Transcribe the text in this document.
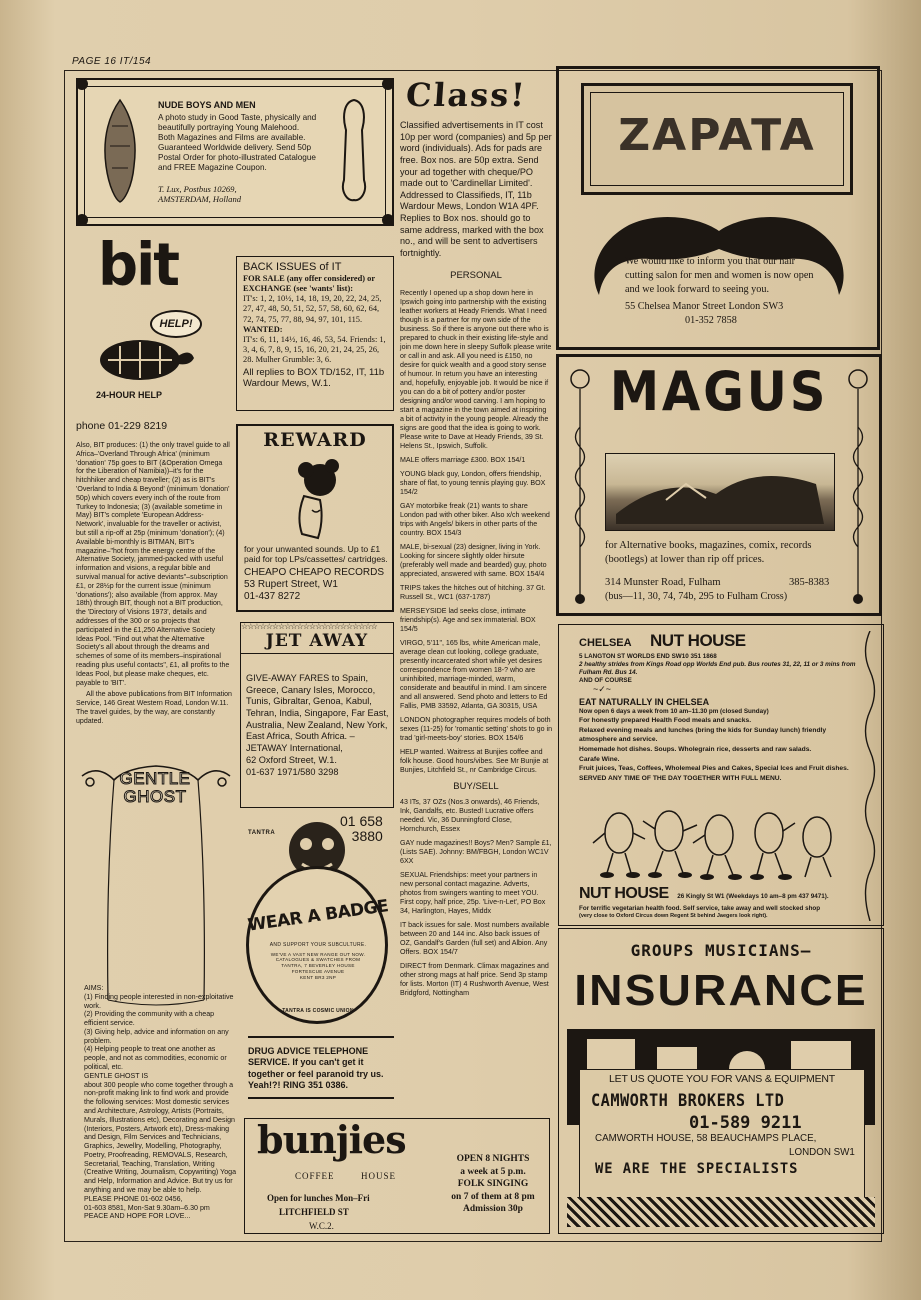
PAGE 16 IT/154
NUDE BOYS AND MEN
A photo study in Good Taste, physically and beautifully portraying Young Malehood. Both Magazines and Films are available. Guaranteed Worldwide delivery. Send 50p Postal Order for photo-illustrated Catalogue and FREE Magazine Coupon.
T. Lux, Postbus 10269,
AMSTERDAM, Holland
Class!
Classified advertisements in IT cost 10p per word (companies) and 5p per word (individuals). Ads for pads are free. Box nos. are 50p extra. Send your ad together with cheque/PO made out to 'Cardinellar Limited'. Addressed to Classifieds, IT, 11b Wardour Mews, London W1A 4PF. Replies to Box nos. should go to same address, marked with the box no., and will be sent to advertisers fortnightly.
PERSONAL
Recently I opened up a shop down here in Ipswich going into partnership with the existing leather workers at Heady Friends. What I need though is a partner for my own side of the business. So if there is anyone out there who is prepared to chuck in their existing life-style and join me down here in sleepy Suffolk please write or call in and ask. All you need is £150, no desire for quick wealth and a good story sense of humour. In return you have an interesting and, hopefully, enjoyable job. It would be nice if you can do a bit of pottery and/or poster designing and/or wood carving. I am hoping to start a magazine in the town aimed at inspiring a bit of activity in the young people. Already the signs are good that the idea is going to work. Please write to Dave at Heady Friends, 39 St. Helens St., Ipswich, Suffolk.
MALE offers marriage £300. BOX 154/1
YOUNG black guy, London, offers friendship, share of flat, to young tennis playing guy. BOX 154/2
GAY motorbike freak (21) wants to share London pad with other biker. Also x/ch weekend trips with Angels/ bikers in other parts of the country. BOX 154/3
MALE, bi-sexual (23) designer, living in York. Looking for sincere slightly older hirsute (preferably well made and bearded) guy, photo appreciated, answered with same. BOX 154/4
TRIPS takes the hitches out of hitching. 37 Gt. Russell St., WC1 (637-1787)
MERSEYSIDE lad seeks close, intimate friendship(s). Age and sex immaterial. BOX 154/5
VIRGO, 5'11", 165 lbs, white American male, average clean cut looking, college graduate, presently incarcerated short while yet desires correspondence from women 18-? who are uninhibited, marriage-minded, warm, considerate and beautiful in mind. I am sincere and all answered. Send photo and letters to Ed Fallis, PMB 33592, Atlanta, GA 30315, USA
LONDON photographer requires models of both sexes (11-25) for 'romantic setting' shots to go in trad 'girl-meets-boy' stories. BOX 154/6
HELP wanted. Waitress at Bunjies coffee and folk house. Good hours/vibes. See Mr Bunjie at Bunjies, Litchfield St., nr Cambridge Circus.
BUY/SELL
43 ITs, 37 OZs (Nos.3 onwards), 46 Friends, Ink, Gandalfs, etc. Busted! Lucrative offers needed. Vic, 36 Dunningford Close, Hornchurch, Essex
GAY nude magazines!! Boys? Men? Sample £1, (Lists SAE). Johnny: BM/FBGH, London WC1V 6XX
SEXUAL Friendships: meet your partners in new personal contact magazine. Adverts, photos from swingers wanting to meet YOU. First copy, half price, 25p. 'Live-n-Let', PO Box 34, Harlington, Hayes, Middx
IT back issues for sale. Most numbers available between 20 and 144 inc. Also back issues of OZ, Gandalf's Garden (full set) and Albion. Any Offers. BOX 154/7
DIRECT from Denmark. Climax magazines and other strong mags at half price. Send 3p stamp for lists. Morton (IT) 4 Rushworth Avenue, West Bridgford, Nottingham
bit
HELP!
24-HOUR HELP
phone 01-229 8219
Also, BIT produces: (1) the only travel guide to all Africa–'Overland Through Africa' (minimum 'donation' 75p goes to BIT (&Operation Omega for the Liberation of Namibia))–it's for the hitchhiker and cheap traveller; (2) as is BIT's 'Overland to India & Beyond' (minimum 'donation' 50p) which covers every inch of the route from Turkey to Indonesia; (3) (available sometime in May) BIT's complete 'European Address-Network', invaluable for the traveller or activist, but still a rip-off at 25p (minimum 'donation'); (4) Available bi-monthly is BITMAN, BIT's magazine–"hot from the energy centre of the Alternative Society, jammed-packed with useful information and visions, a regular bible and survival manual for active deviants"–subscription £1, or 28½p for the current issue (minimum 'donations'); also available (from approx. May 18th) through BIT, though not a BIT production, the 'Directory of Visions 1973', details and addresses of the 300 or so projects that participated in the £1,250 Alternative Society Ideas Pool. "Find out what the Alternative Society's all about through the dreams and schemes of some of its members–inspirational reading plus useful contacts", £1, all profits to the Ideas Pool, but please make cheques, etc. payable to 'BIT'.
All the above publications from BIT Information Service, 146 Great Western Road, London W.11. The travel guides, by the way, are constantly updated.
BACK ISSUES of IT
FOR SALE (any offer considered) or EXCHANGE (see 'wants' list):
IT's: 1, 2, 10½, 14, 18, 19, 20, 22, 24, 25, 27, 47, 48, 50, 51, 52, 57, 58, 60, 62, 64, 72, 74, 75, 77, 88, 94, 97, 101, 115.
WANTED:
IT's: 6, 11, 14½, 16, 46, 53, 54. Friends: 1, 3, 4, 6, 7, 8, 9, 15, 16, 20, 21, 24, 25, 26, 28. Mulher Grumble: 3, 6.
All replies to BOX TD/152, IT, 11b Wardour Mews, W.1.
REWARD
for your unwanted sounds. Up to £1 paid for top LPs/cassettes/ cartridges.
CHEAPO CHEAPO RECORDS
53 Rupert Street, W1
01-437 8272
☆☆☆☆☆☆☆☆☆☆☆☆☆☆☆☆☆☆☆☆☆☆
JET AWAY
GIVE-AWAY FARES to Spain, Greece, Canary Isles, Morocco, Tunis, Gibraltar, Genoa, Kabul, Tehran, India, Singapore, Far East, Australia, New Zealand, New York, East Africa, South Africa. –
JETAWAY International,
62 Oxford Street, W.1.
01-637 1971/580 3298
GENTLE
GHOST
AIMS:
(1) Finding people interested in non-exploitative work.
(2) Providing the community with a cheap efficient service.
(3) Giving help, advice and information on any problem.
(4) Helping people to treat one another as people, and not as commodities, economic or political, etc.
GENTLE GHOST IS
about 300 people who come together through a non-profit making link to find work and provide the following services: Most domestic services and Architecture, Astrology, Artists (Portraits, Murals, Illustrations etc), Decorating and Design (Interiors, Posters, Artwork etc), Dress-making and Design, Film Services and Technicians, Graphics, Jewellry, Modelling, Photography, Poetry, Proofreading, REMOVALS, Research, Secretarial, Teaching, Translation, Writing (Creative Writing, Journalism, Copywriting) Yoga and Help, Information and Advice. But try us for anything and we may be able to help.
PLEASE PHONE 01-602 0456,
01-603 8581, Mon-Sat 9.30am–6.30 pm
PEACE AND HOPE FOR LOVE...
TANTRA
01 658
3880
WEAR A BADGE
AND SUPPORT YOUR SUBCULTURE.
WE'VE A VAST NEW RANGE OUT NOW.
CATALOGUES & SWATCHES FROM
TANTRA, 7 BEVERLEY HOUSE
FORTESCUE AVENUE
KENT BR3 2NP
TANTRA IS COSMIC UNION
DRUG ADVICE TELEPHONE SERVICE. If you can't get it together or feel paranoid try us. Yeah!?! RING 351 0386.
bunjies
COFFEE	HOUSE
Open for lunches Mon–Fri
LITCHFIELD ST
W.C.2.
OPEN 8 NIGHTS
a week at 5 p.m.
FOLK SINGING
on 7 of them at 8 pm
Admission 30p
ZAPATA
We would like to inform you that our hair cutting salon for men and women is now open and we look forward to seeing you.
55 Chelsea Manor Street London SW3
01-352 7858
MAGUS
for Alternative books, magazines, comix, records (bootlegs) at lower than rip off prices.
314 Munster Road, Fulham	385-8383
(bus—11, 30, 74, 74b, 295 to Fulham Cross)
CHELSEA NUT HOUSE
5 LANGTON ST WORLDS END SW10 351 1868
2 healthy strides from Kings Road opp Worlds End pub. Bus routes 31, 22, 11 or 3 mins from Fulham Rd. Bus 14.
AND OF COURSE
~✓~
EAT NATURALLY IN CHELSEA
Now open 6 days a week from 10 am–11.30 pm (closed Sunday)
For honestly prepared Health Food meals and snacks.
Relaxed evening meals and lunches (bring the kids for Sunday lunch) friendly atmosphere and service.
Homemade hot dishes. Soups. Wholegrain rice, desserts and raw salads.
Carafe Wine.
Fruit juices, Teas, Coffees, Wholemeal Pies and Cakes, Special Ices and Fruit dishes.
SERVED ANY TIME OF THE DAY TOGETHER WITH FULL MENU.
NUT HOUSE 26 Kingly St W1 (Weekdays 10 am–8 pm 437 9471).
For terrific vegetarian health food. Self service, take away and well stocked shop
(very close to Oxford Circus down Regent St behind Jaegers look right).
GROUPS MUSICIANS–
INSURANCE
LET US QUOTE YOU FOR VANS & EQUIPMENT
CAMWORTH BROKERS LTD
01-589 9211
CAMWORTH HOUSE, 58 BEAUCHAMPS PLACE,
LONDON SW1
WE ARE THE SPECIALISTS
